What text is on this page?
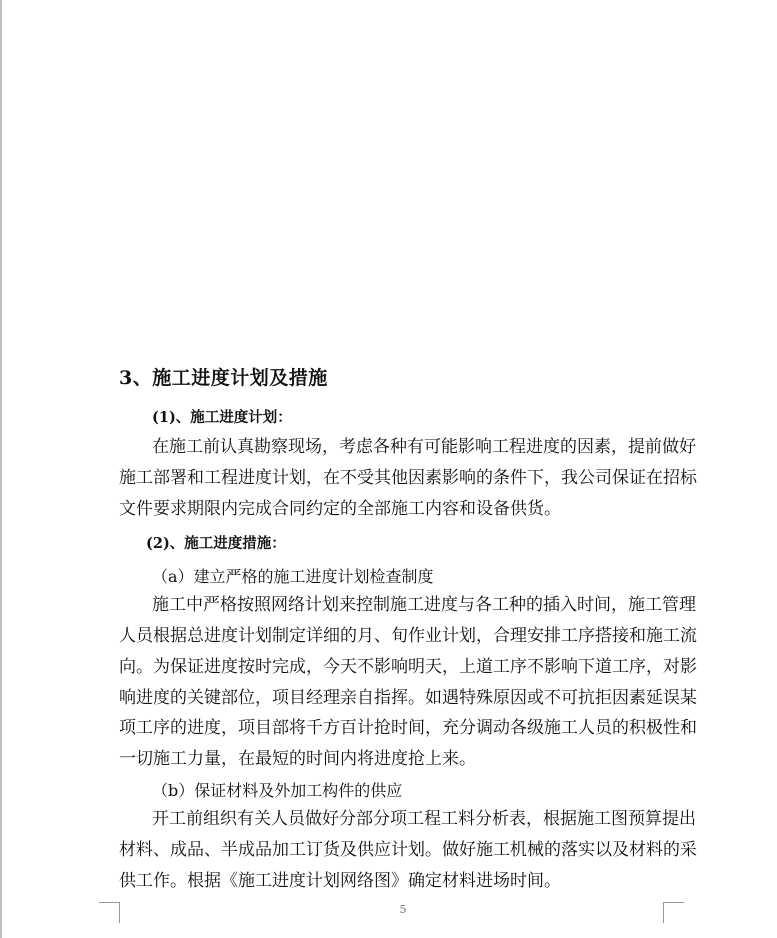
3、施工进度计划及措施
(1)、施工进度计划：
在施工前认真勘察现场，考虑各种有可能影响工程进度的因素，提前做好
施工部署和工程进度计划，在不受其他因素影响的条件下，我公司保证在招标
文件要求期限内完成合同约定的全部施工内容和设备供货。
(2)、施工进度措施：
（a）建立严格的施工进度计划检查制度
施工中严格按照网络计划来控制施工进度与各工种的插入时间，施工管理
人员根据总进度计划制定详细的月、旬作业计划，合理安排工序搭接和施工流
向。为保证进度按时完成，今天不影响明天，上道工序不影响下道工序，对影
响进度的关键部位，项目经理亲自指挥。如遇特殊原因或不可抗拒因素延误某
项工序的进度，项目部将千方百计抢时间，充分调动各级施工人员的积极性和
一切施工力量，在最短的时间内将进度抢上来。
（b）保证材料及外加工构件的供应
开工前组织有关人员做好分部分项工程工料分析表，根据施工图预算提出
材料、成品、半成品加工订货及供应计划。做好施工机械的落实以及材料的采
供工作。根据《施工进度计划网络图》确定材料进场时间。
5
